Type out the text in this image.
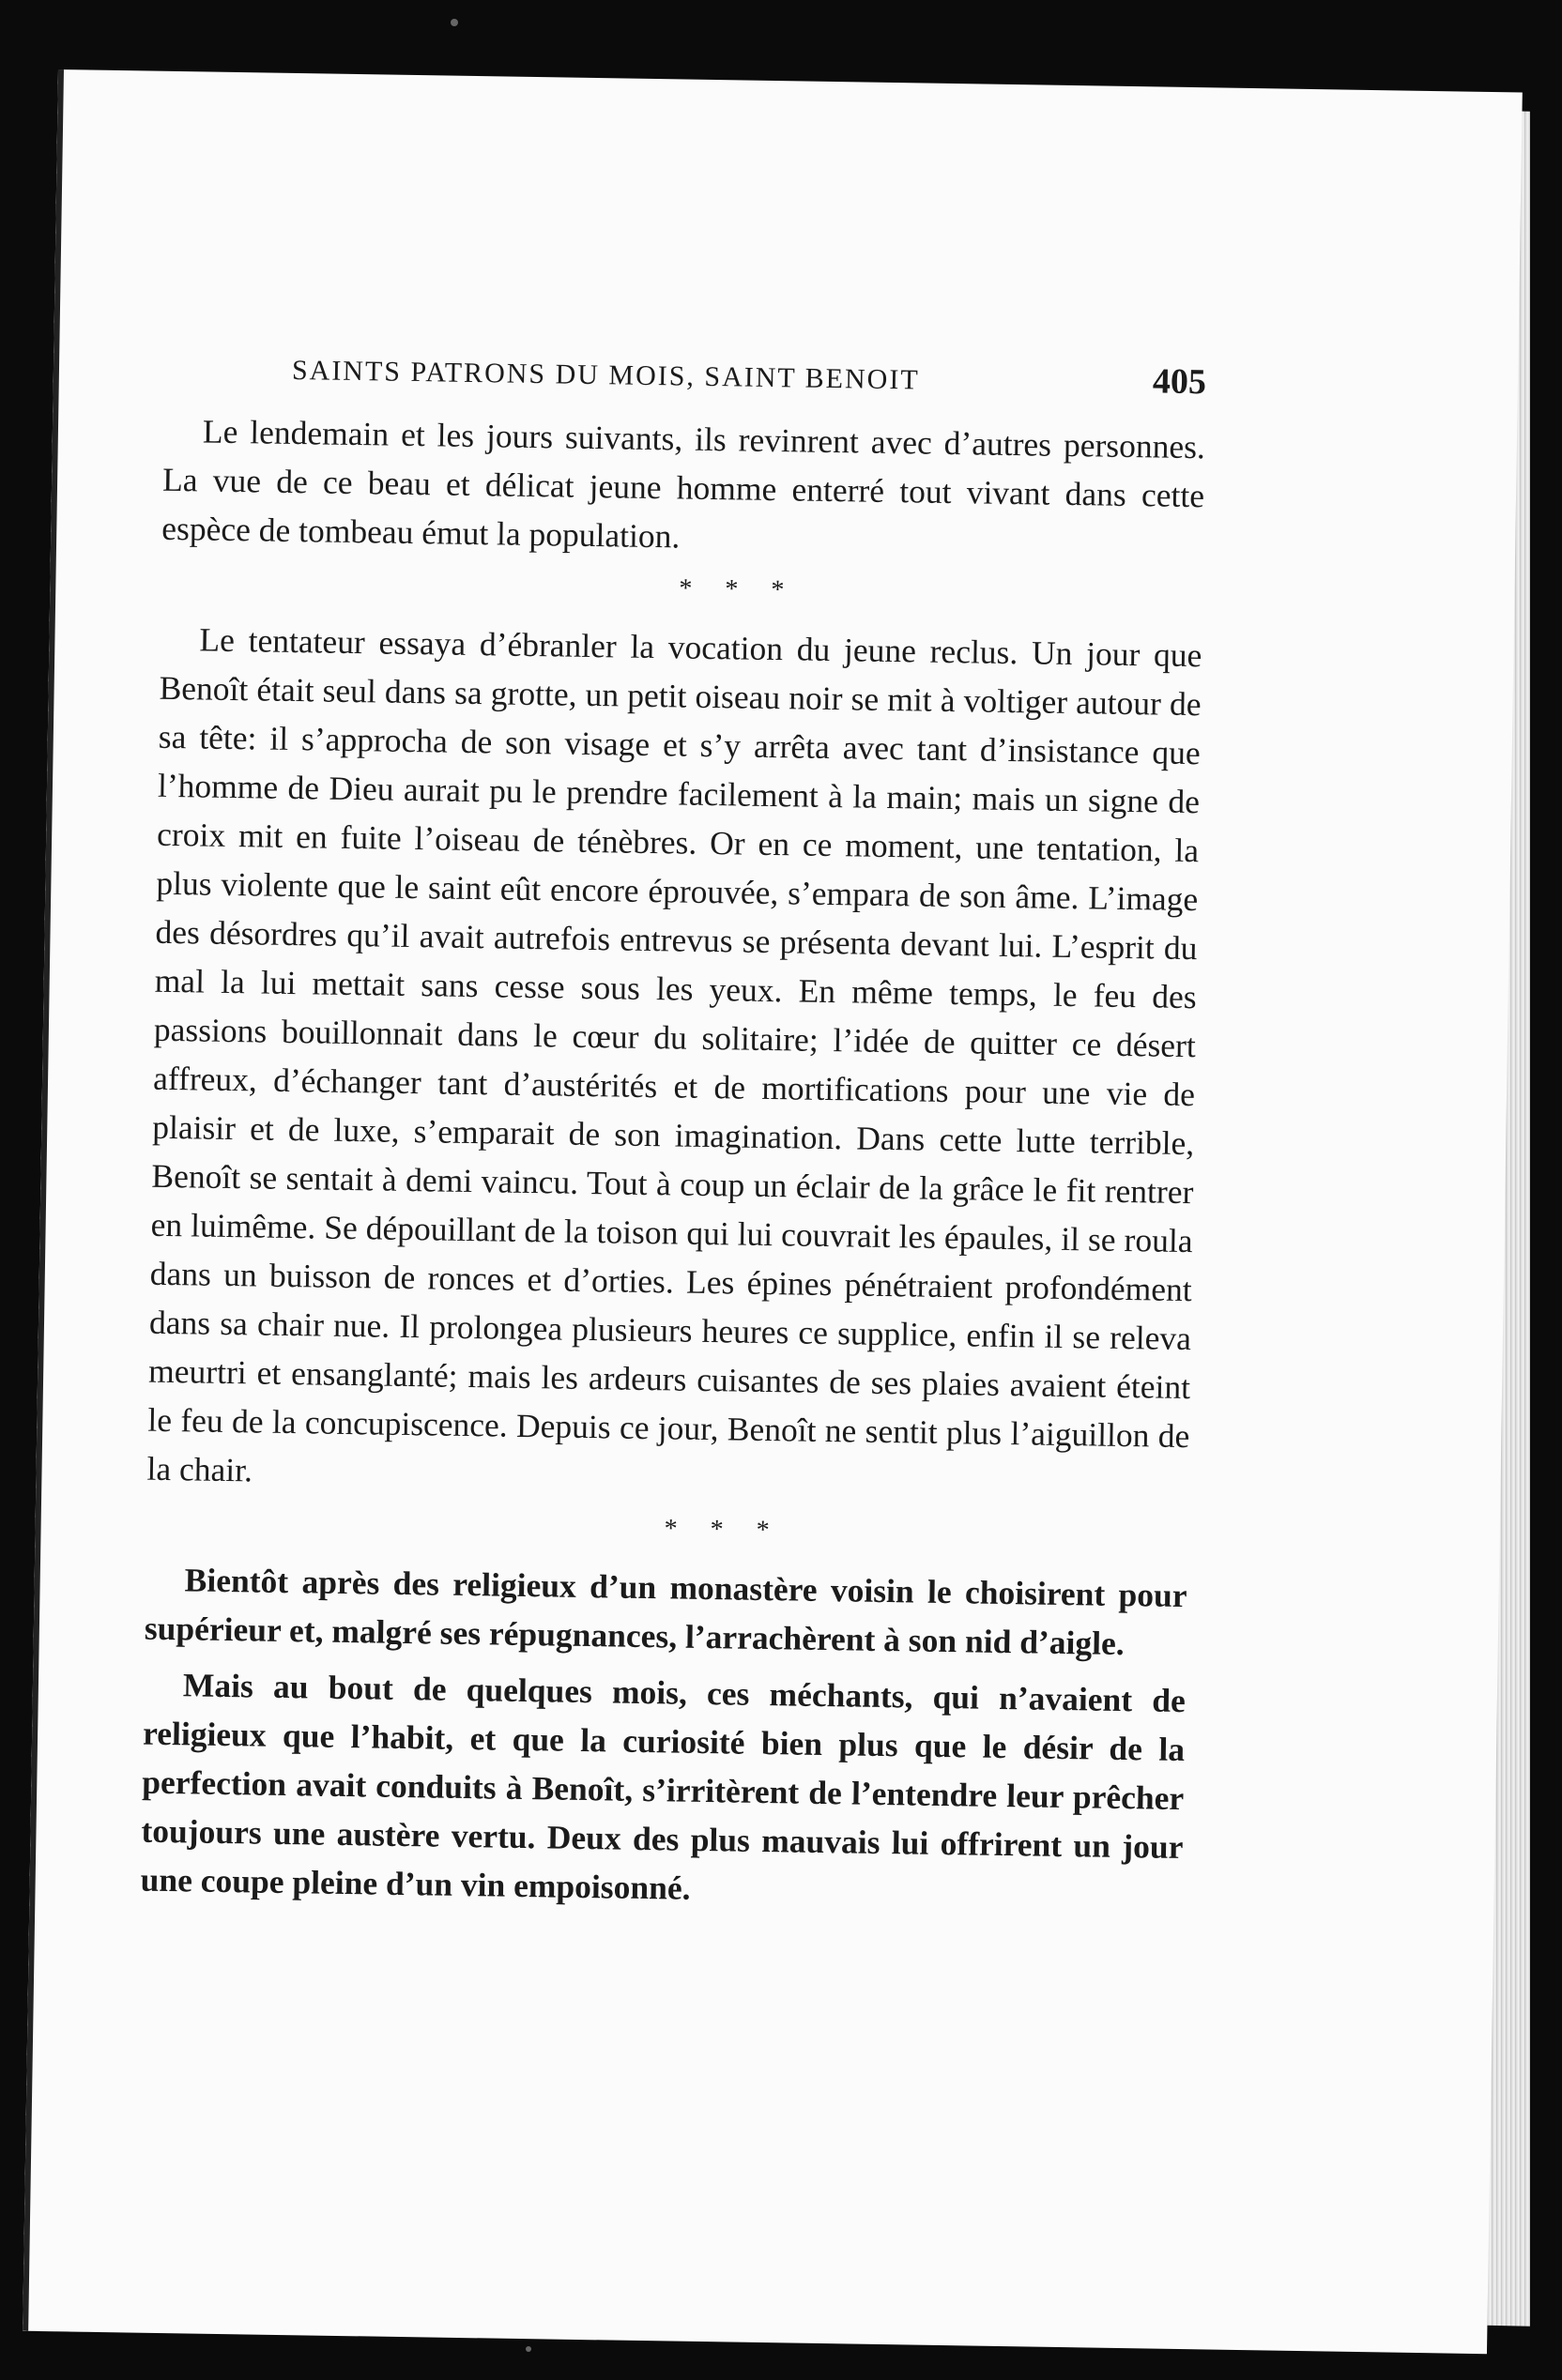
SAINTS PATRONS DU MOIS, SAINT BENOIT	405

Le lendemain et les jours suivants, ils revinrent avec d’autres personnes. La vue de ce beau et délicat jeune homme enterré tout vivant dans cette espèce de tombeau émut la population.

* * *

Le tentateur essaya d’ébranler la vocation du jeune reclus. Un jour que Benoît était seul dans sa grotte, un petit oiseau noir se mit à voltiger autour de sa tête: il s’approcha de son visage et s’y arrêta avec tant d’insistance que l’homme de Dieu aurait pu le prendre facilement à la main; mais un signe de croix mit en fuite l’oiseau de ténèbres. Or en ce moment, une tentation, la plus violente que le saint eût encore éprouvée, s’empara de son âme. L’image des désordres qu’il avait autrefois entrevus se présenta devant lui. L’esprit du mal la lui mettait sans cesse sous les yeux. En même temps, le feu des passions bouillonnait dans le cœur du solitaire; l’idée de quitter ce désert affreux, d’échanger tant d’austérités et de mortifications pour une vie de plaisir et de luxe, s’emparait de son imagination. Dans cette lutte terrible, Benoît se sentait à demi vaincu. Tout à coup un éclair de la grâce le fit rentrer en luimême. Se dépouillant de la toison qui lui couvrait les épaules, il se roula dans un buisson de ronces et d’orties. Les épines pénétraient profondément dans sa chair nue. Il prolongea plusieurs heures ce supplice, enfin il se releva meurtri et ensanglanté; mais les ardeurs cuisantes de ses plaies avaient éteint le feu de la concupiscence. Depuis ce jour, Benoît ne sentit plus l’aiguillon de la chair.

* * *

Bientôt après des religieux d’un monastère voisin le choisirent pour supérieur et, malgré ses répugnances, l’arrachèrent à son nid d’aigle.

Mais au bout de quelques mois, ces méchants, qui n’avaient de religieux que l’habit, et que la curiosité bien plus que le désir de la perfection avait conduits à Benoît, s’irritèrent de l’entendre leur prêcher toujours une austère vertu. Deux des plus mauvais lui offrirent un jour une coupe pleine d’un vin empoisonné.
